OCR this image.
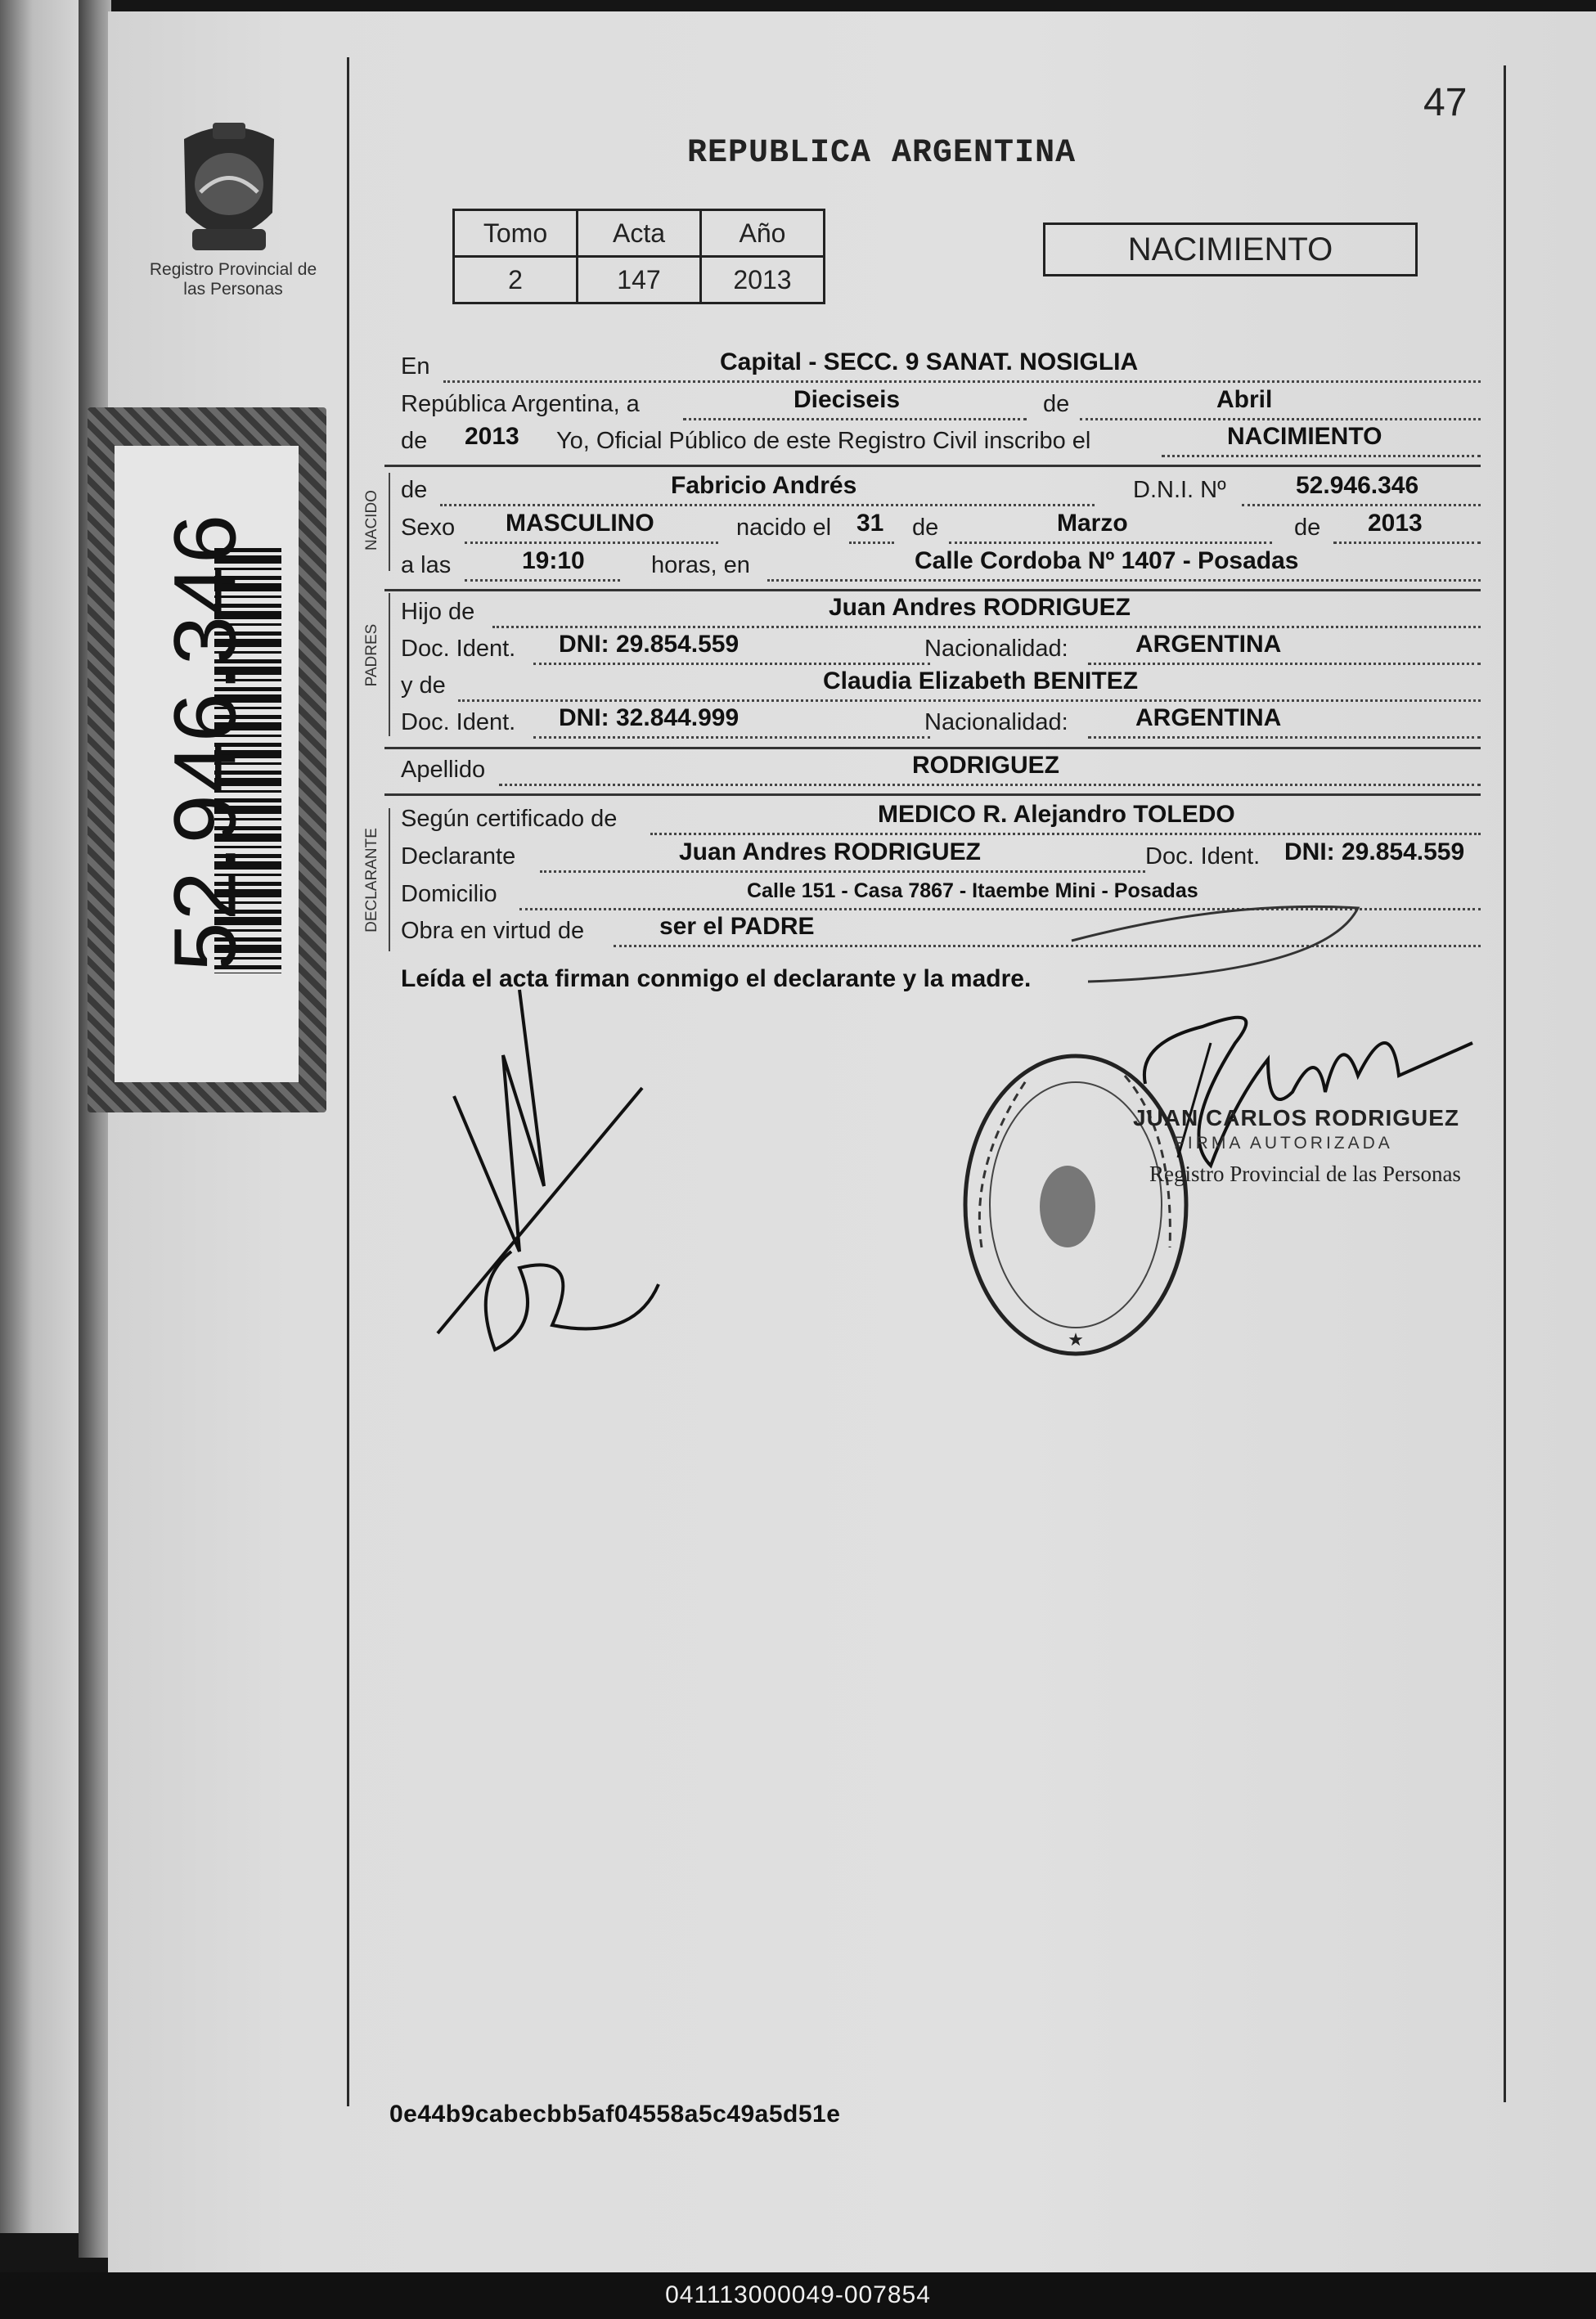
Registro Provincial de las Personas
52.946.346
47
REPUBLICA ARGENTINA
Tomo	Acta	Año
2	147	2013
NACIMIENTO
NACIDO
PADRES
DECLARANTE
En	Capital - SECC. 9 SANAT. NOSIGLIA
República Argentina, a	Dieciseis	de	Abril
de 2013 Yo, Oficial Público de este Registro Civil inscribo el	NACIMIENTO
de	Fabricio Andrés	D.N.I. Nº	52.946.346
Sexo MASCULINO	nacido el 31 de	Marzo	de 2013
a las	19:10	horas, en	Calle Cordoba Nº 1407 - Posadas
Hijo de	Juan Andres RODRIGUEZ
Doc. Ident. DNI: 29.854.559	Nacionalidad:	ARGENTINA
y de	Claudia Elizabeth BENITEZ
Doc. Ident. DNI: 32.844.999	Nacionalidad:	ARGENTINA
Apellido	RODRIGUEZ
Según certificado de	MEDICO R. Alejandro TOLEDO
Declarante	Juan Andres RODRIGUEZ	Doc. Ident. DNI: 29.854.559
Domicilio	Calle 151 - Casa 7867 - Itaembe Mini - Posadas
Obra en virtud de	ser el PADRE
Leída el acta firman conmigo el declarante y la madre.
★
JUAN CARLOS RODRIGUEZ
FIRMA AUTORIZADA
Registro Provincial de las Personas
0e44b9cabecbb5af04558a5c49a5d51e
041113000049-007854
